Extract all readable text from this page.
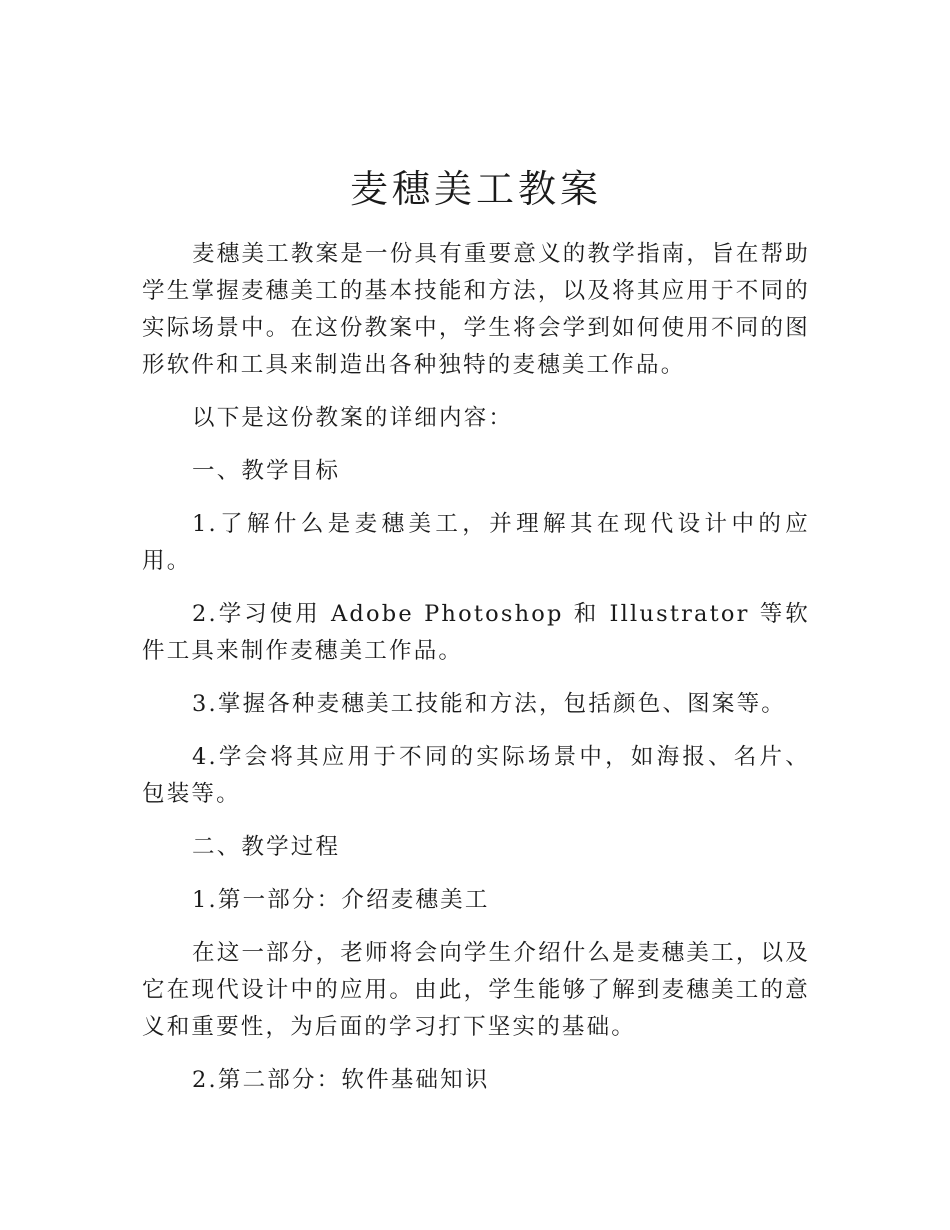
麦穗美工教案

麦穗美工教案是一份具有重要意义的教学指南，旨在帮助学生掌握麦穗美工的基本技能和方法，以及将其应用于不同的实际场景中。在这份教案中，学生将会学到如何使用不同的图形软件和工具来制造出各种独特的麦穗美工作品。

以下是这份教案的详细内容：

一、教学目标

1.了解什么是麦穗美工，并理解其在现代设计中的应用。

2.学习使用 Adobe Photoshop 和 Illustrator 等软件工具来制作麦穗美工作品。

3.掌握各种麦穗美工技能和方法，包括颜色、图案等。

4.学会将其应用于不同的实际场景中，如海报、名片、包装等。

二、教学过程

1.第一部分：介绍麦穗美工

在这一部分，老师将会向学生介绍什么是麦穗美工，以及它在现代设计中的应用。由此，学生能够了解到麦穗美工的意义和重要性，为后面的学习打下坚实的基础。

2.第二部分：软件基础知识
